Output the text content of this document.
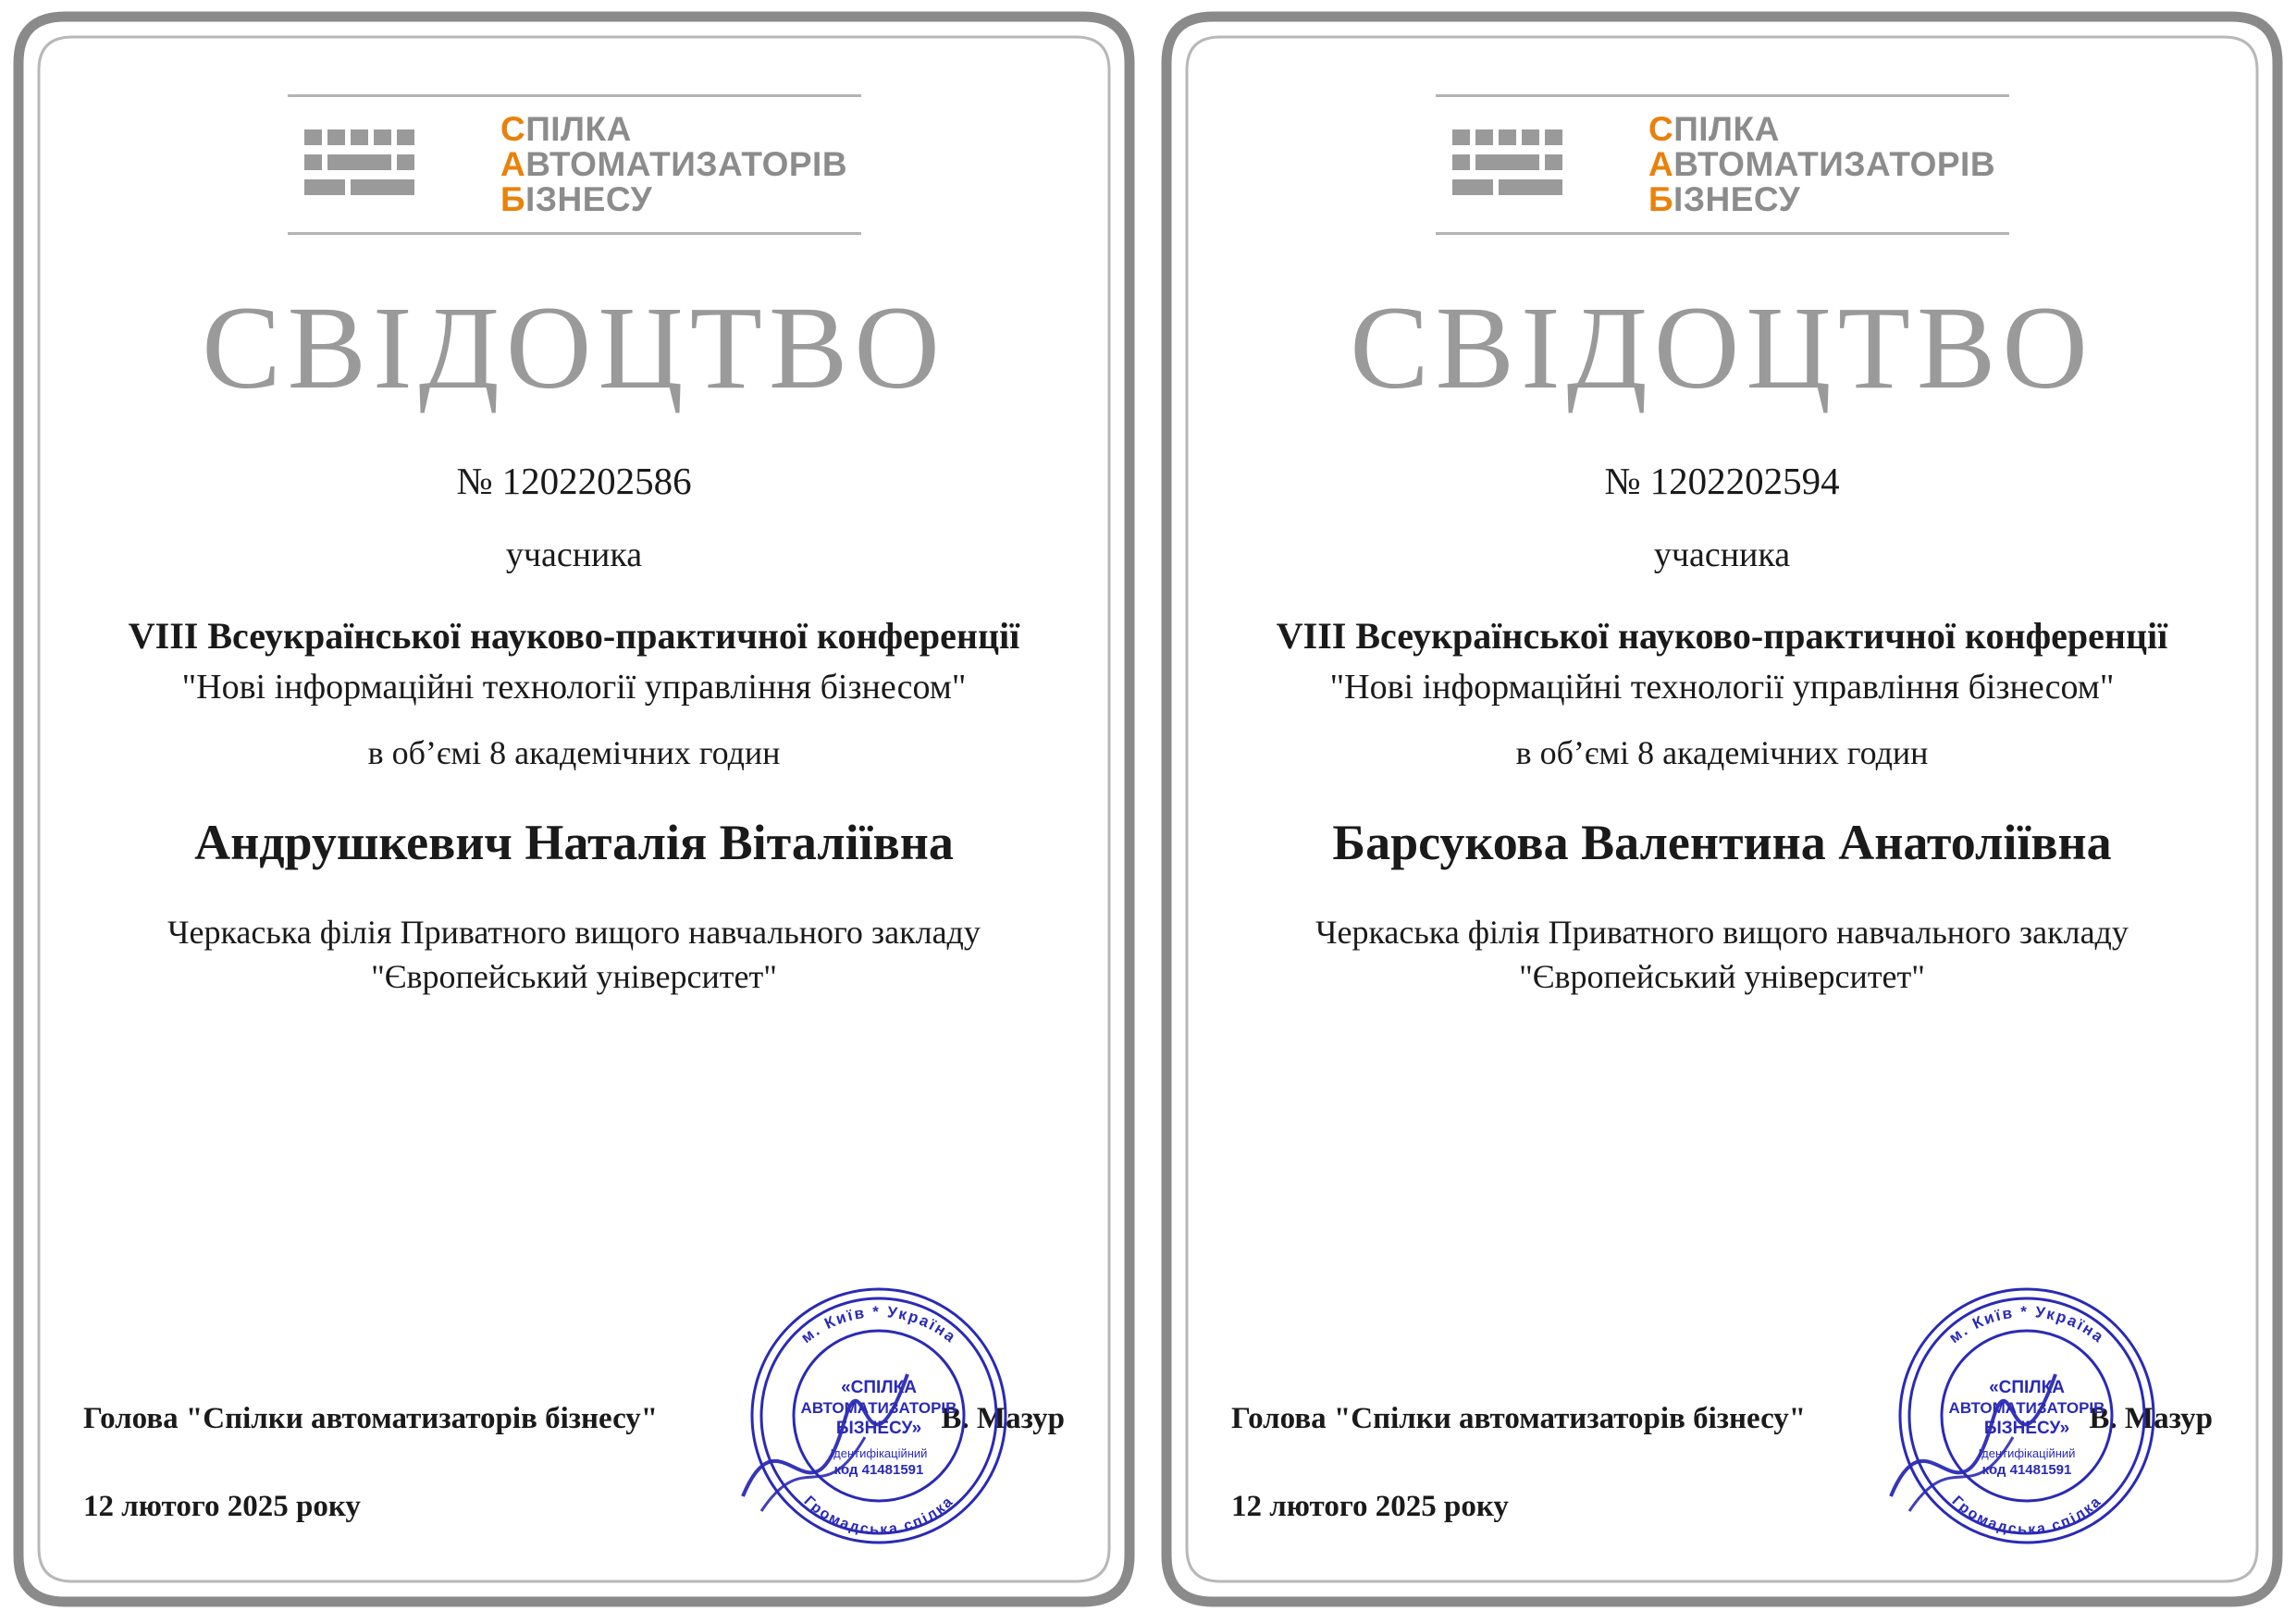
СПІЛКА
АВТОМАТИЗАТОРІВ
БІЗНЕСУ
СВІДОЦТВО
№ 1202202586
учасника
VIII Всеукраїнської науково-практичної конференції
"Нові інформаційні технології управління бізнесом"
в об’ємі 8 академічних годин
Андрушкевич Наталія Віталіївна
Черкаська філія Приватного вищого навчального закладу "Європейський університет"
Голова "Спілки автоматизаторів бізнесу"	В. Мазур
12 лютого 2025 року
м. Київ * Україна
Громадська спілка
«СПІЛКА
АВТОМАТИЗАТОРІВ
БІЗНЕСУ»
Ідентифікаційний
код 41481591
СПІЛКА
АВТОМАТИЗАТОРІВ
БІЗНЕСУ
СВІДОЦТВО
№ 1202202594
учасника
VIII Всеукраїнської науково-практичної конференції
"Нові інформаційні технології управління бізнесом"
в об’ємі 8 академічних годин
Барсукова Валентина Анатоліївна
Черкаська філія Приватного вищого навчального закладу "Європейський університет"
Голова "Спілки автоматизаторів бізнесу"	В. Мазур
12 лютого 2025 року
м. Київ * Україна
Громадська спілка
«СПІЛКА
АВТОМАТИЗАТОРІВ
БІЗНЕСУ»
Ідентифікаційний
код 41481591
